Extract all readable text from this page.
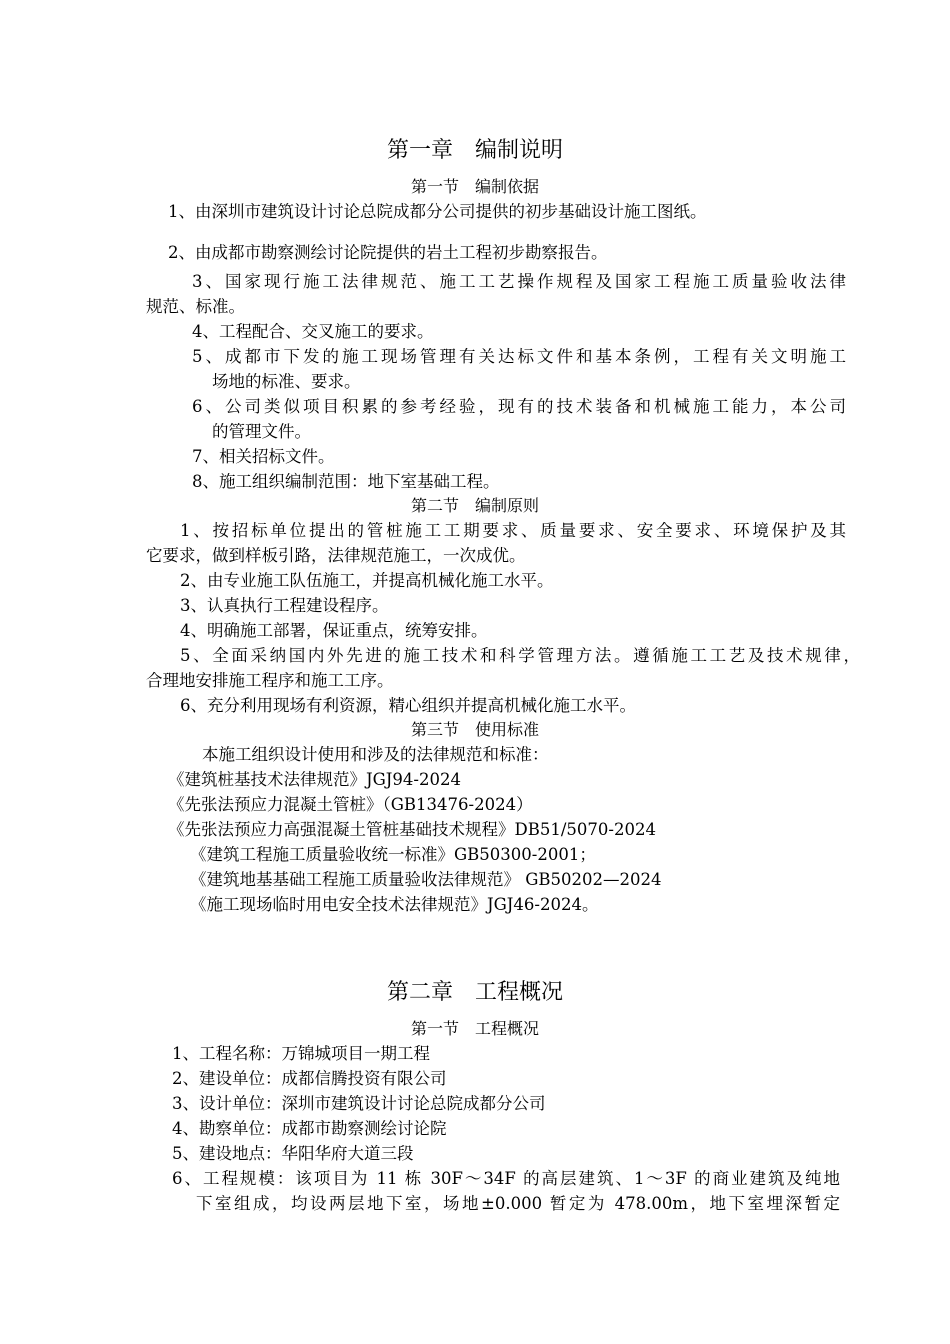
第一章　编制说明
第一节　编制依据
1、由深圳市建筑设计讨论总院成都分公司提供的初步基础设计施工图纸。
2、由成都市勘察测绘讨论院提供的岩土工程初步勘察报告。
3、国家现行施工法律规范、施工工艺操作规程及国家工程施工质量验收法律
规范、标准。
4、工程配合、交叉施工的要求。
5、成都市下发的施工现场管理有关达标文件和基本条例，工程有关文明施工
场地的标准、要求。
6、公司类似项目积累的参考经验，现有的技术装备和机械施工能力，本公司
的管理文件。
7、相关招标文件。
8、施工组织编制范围：地下室基础工程。
第二节　编制原则
1、按招标单位提出的管桩施工工期要求、质量要求、安全要求、环境保护及其
它要求，做到样板引路，法律规范施工，一次成优。
2、由专业施工队伍施工，并提高机械化施工水平。
3、认真执行工程建设程序。
4、明确施工部署，保证重点，统筹安排。
5、全面采纳国内外先进的施工技术和科学管理方法。遵循施工工艺及技术规律，
合理地安排施工程序和施工工序。
6、充分利用现场有利资源，精心组织并提高机械化施工水平。
第三节　使用标准
本施工组织设计使用和涉及的法律规范和标准：
《建筑桩基技术法律规范》JGJ94-2024
《先张法预应力混凝土管桩》（GB13476-2024）
《先张法预应力高强混凝土管桩基础技术规程》DB51/5070-2024
《建筑工程施工质量验收统一标准》GB50300-2001；
《建筑地基基础工程施工质量验收法律规范》 GB50202—2024
《施工现场临时用电安全技术法律规范》JGJ46-2024。
第二章　工程概况
第一节　工程概况
1、工程名称：万锦城项目一期工程
2、建设单位：成都信腾投资有限公司
3、设计单位：深圳市建筑设计讨论总院成都分公司
4、勘察单位：成都市勘察测绘讨论院
5、建设地点：华阳华府大道三段
6、工程规模：该项目为 11 栋 30F～34F 的高层建筑、1～3F 的商业建筑及纯地
下室组成，均设两层地下室，场地±0.000 暂定为 478.00m，地下室埋深暂定
